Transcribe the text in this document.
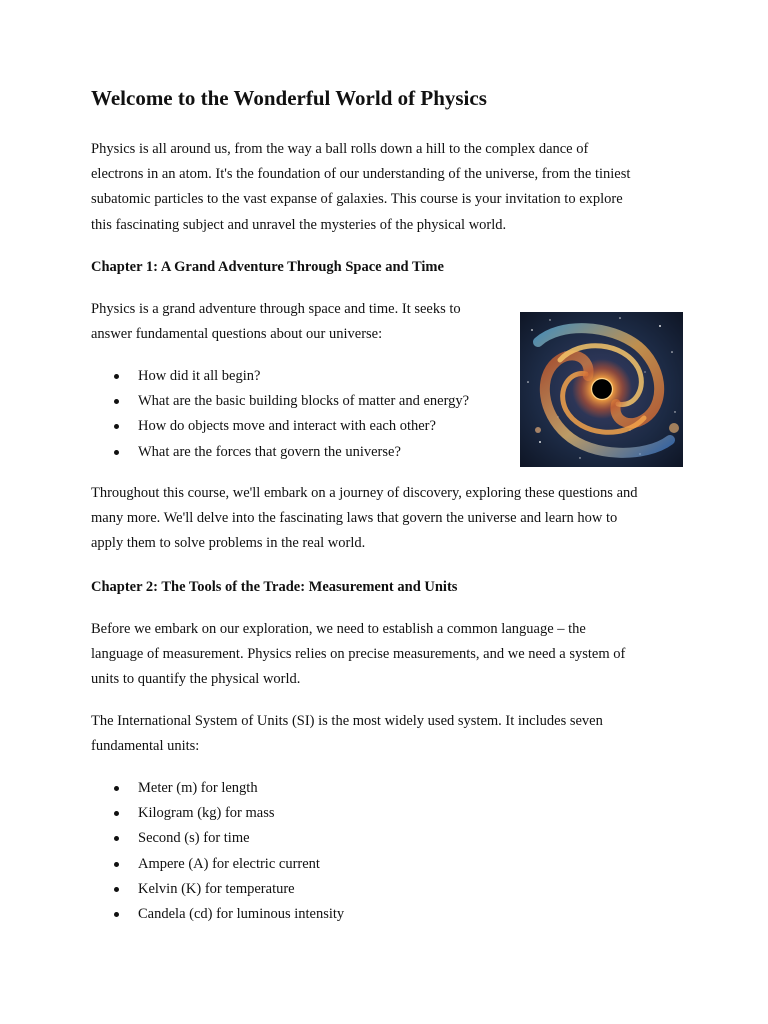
Welcome to the Wonderful World of Physics

Physics is all around us, from the way a ball rolls down a hill to the complex dance of
electrons in an atom. It's the foundation of our understanding of the universe, from the tiniest
subatomic particles to the vast expanse of galaxies. This course is your invitation to explore
this fascinating subject and unravel the mysteries of the physical world.

Chapter 1: A Grand Adventure Through Space and Time

Physics is a grand adventure through space and time. It seeks to
answer fundamental questions about our universe:

How did it all begin?
What are the basic building blocks of matter and energy?
How do objects move and interact with each other?
What are the forces that govern the universe?

Throughout this course, we'll embark on a journey of discovery, exploring these questions and
many more. We'll delve into the fascinating laws that govern the universe and learn how to
apply them to solve problems in the real world.

Chapter 2: The Tools of the Trade: Measurement and Units

Before we embark on our exploration, we need to establish a common language – the
language of measurement. Physics relies on precise measurements, and we need a system of
units to quantify the physical world.

The International System of Units (SI) is the most widely used system. It includes seven
fundamental units:

Meter (m) for length
Kilogram (kg) for mass
Second (s) for time
Ampere (A) for electric current
Kelvin (K) for temperature
Candela (cd) for luminous intensity
